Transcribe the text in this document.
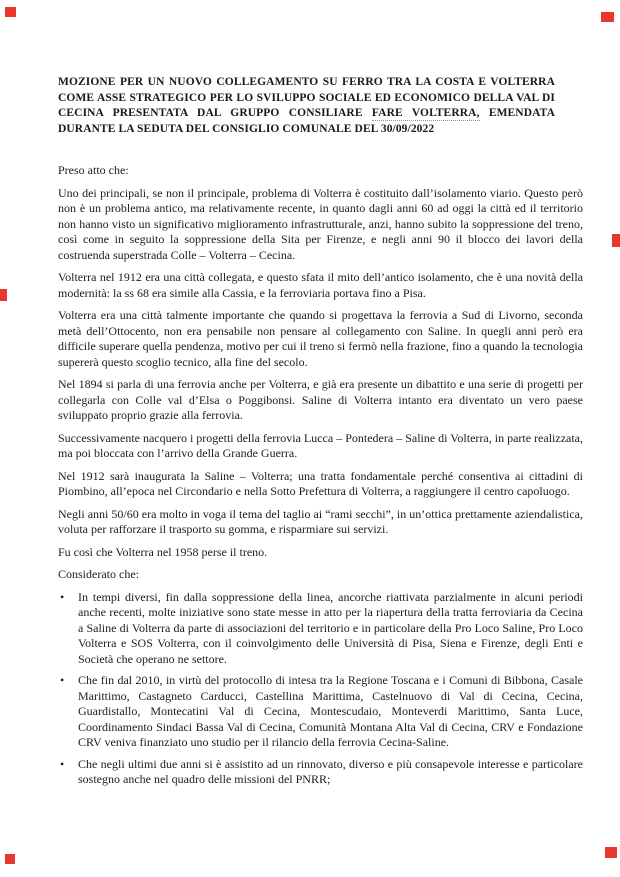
MOZIONE PER UN NUOVO COLLEGAMENTO SU FERRO TRA LA COSTA E VOLTERRA
COME ASSE STRATEGICO PER LO SVILUPPO SOCIALE ED ECONOMICO DELLA VAL DI
CECINA PRESENTATA DAL GRUPPO CONSILIARE FARE VOLTERRA, EMENDATA
DURANTE LA SEDUTA DEL CONSIGLIO COMUNALE DEL 30/09/2022

Preso atto che:

Uno dei principali, se non il principale, problema di Volterra è costituito dall’isolamento viario. Questo però non è un problema antico, ma relativamente recente, in quanto dagli anni 60 ad oggi la città ed il territorio non hanno visto un significativo miglioramento infrastrutturale, anzi, hanno subito la soppressione del treno, così come in seguito la soppressione della Sita per Firenze, e negli anni 90 il blocco dei lavori della costruenda superstrada Colle – Volterra – Cecina.

Volterra nel 1912 era una città collegata, e questo sfata il mito dell’antico isolamento, che è una novità della modernità: la ss 68 era simile alla Cassia, e la ferroviaria portava fino a Pisa.

Volterra era una città talmente importante che quando si progettava la ferrovia a Sud di Livorno, seconda metà dell’Ottocento, non era pensabile non pensare al collegamento con Saline. In quegli anni però era difficile superare quella pendenza, motivo per cui il treno si fermò nella frazione, fino a quando la tecnologia supererà questo scoglio tecnico, alla fine del secolo.

Nel 1894 si parla di una ferrovia anche per Volterra, e già era presente un dibattito e una serie di progetti per collegarla con Colle val d’Elsa o Poggibonsi. Saline di Volterra intanto era diventato un vero paese sviluppato proprio grazie alla ferrovia.

Successivamente nacquero i progetti della ferrovia Lucca – Pontedera – Saline di Volterra, in parte realizzata, ma poi bloccata con l’arrivo della Grande Guerra.

Nel 1912 sarà inaugurata la Saline – Volterra; una tratta fondamentale perché consentiva ai cittadini di Piombino, all’epoca nel Circondario e nella Sotto Prefettura di Volterra, a raggiungere il centro capoluogo.

Negli anni 50/60 era molto in voga il tema del taglio ai “rami secchi”, in un’ottica prettamente aziendalistica, voluta per rafforzare il trasporto su gomma, e risparmiare sui servizi.

Fu così che Volterra nel 1958 perse il treno.

Considerato che:

• In tempi diversi, fin dalla soppressione della linea, ancorche riattivata parzialmente in alcuni periodi anche recenti, molte iniziative sono state messe in atto per la riapertura della tratta ferroviaria da Cecina a Saline di Volterra da parte di associazioni del territorio e in particolare della Pro Loco Saline, Pro Loco Volterra e SOS Volterra, con il coinvolgimento delle Università di Pisa, Siena e Firenze, degli Enti e Società che operano ne settore.
• Che fin dal 2010, in virtù del protocollo di intesa tra la Regione Toscana e i Comuni di Bibbona, Casale Marittimo, Castagneto Carducci, Castellina Marittima, Castelnuovo di Val di Cecina, Cecina, Guardistallo, Montecatini Val di Cecina, Montescudaio, Monteverdi Marittimo, Santa Luce, Coordinamento Sindaci Bassa Val di Cecina, Comunità Montana Alta Val di Cecina, CRV e Fondazione CRV veniva finanziato uno studio per il rilancio della ferrovia Cecina-Saline.
• Che negli ultimi due anni si è assistito ad un rinnovato, diverso e più consapevole interesse e particolare sostegno anche nel quadro delle missioni del PNRR;
